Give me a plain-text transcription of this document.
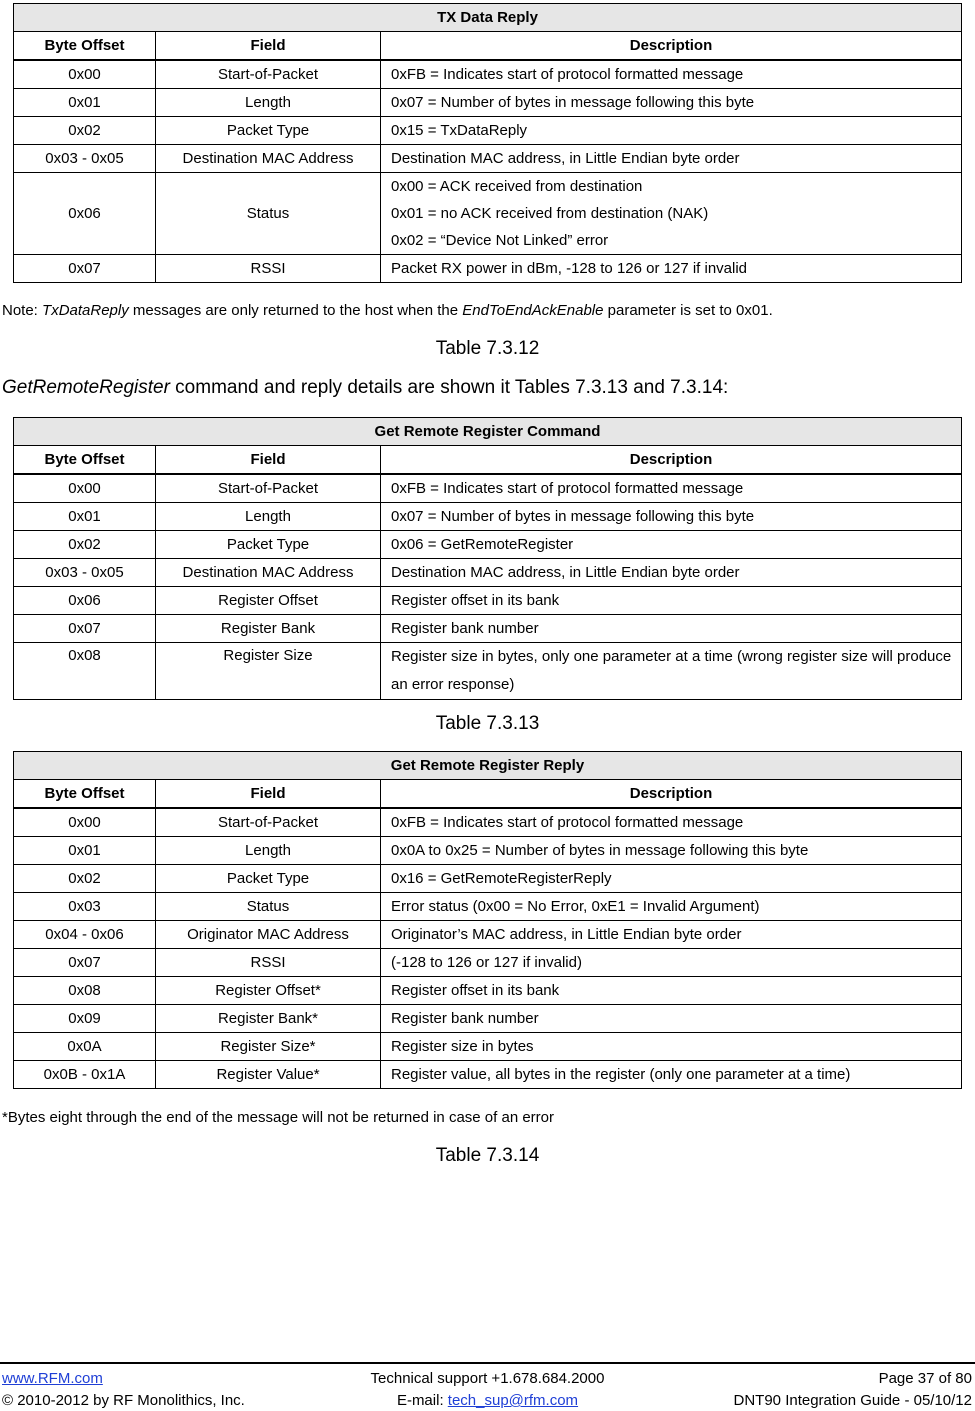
TX Data Reply		
Byte Offset	Field	Description
0x00	Start-of-Packet	0xFB = Indicates start of protocol formatted message
0x01	Length	0x07 = Number of bytes in message following this byte
0x02	Packet Type	0x15 = TxDataReply
0x03 - 0x05	Destination MAC Address	Destination MAC address, in Little Endian byte order
0x06	Status	0x00 = ACK received from destination
0x01 = no ACK received from destination (NAK)
0x02 = “Device Not Linked” error

0x07	RSSI	Packet RX power in dBm, -128 to 126 or 127 if invalid
Note: TxDataReply messages are only returned to the host when the EndToEndAckEnable parameter is set to 0x01.
Table 7.3.12
GetRemoteRegister command and reply details are shown it Tables 7.3.13 and 7.3.14:
Get Remote Register Command		
Byte Offset	Field	Description
0x00	Start-of-Packet	0xFB = Indicates start of protocol formatted message
0x01	Length	0x07 = Number of bytes in message following this byte
0x02	Packet Type	0x06 = GetRemoteRegister
0x03 - 0x05	Destination MAC Address	Destination MAC address, in Little Endian byte order
0x06	Register Offset	Register offset in its bank
0x07	Register Bank	Register bank number
0x08	Register Size	Register size in bytes, only one parameter at a time (wrong register size will produce an error response)
Table 7.3.13
Get Remote Register Reply		
Byte Offset	Field	Description
0x00	Start-of-Packet	0xFB = Indicates start of protocol formatted message
0x01	Length	0x0A to 0x25 = Number of bytes in message following this byte
0x02	Packet Type	0x16 = GetRemoteRegisterReply
0x03	Status	Error status (0x00 = No Error, 0xE1 = Invalid Argument)
0x04 - 0x06	Originator MAC Address	Originator’s MAC address, in Little Endian byte order
0x07	RSSI	(-128 to 126 or 127 if invalid)
0x08	Register Offset*	Register offset in its bank
0x09	Register Bank*	Register bank number
0x0A	Register Size*	Register size in bytes
0x0B - 0x1A	Register Value*	Register value, all bytes in the register (only one parameter at a time)
*Bytes eight through the end of the message will not be returned in case of an error
Table 7.3.14
www.RFM.com
© 2010-2012 by RF Monolithics, Inc.
Technical support +1.678.684.2000
E-mail: tech_sup@rfm.com
Page 37 of 80
DNT90 Integration Guide - 05/10/12
